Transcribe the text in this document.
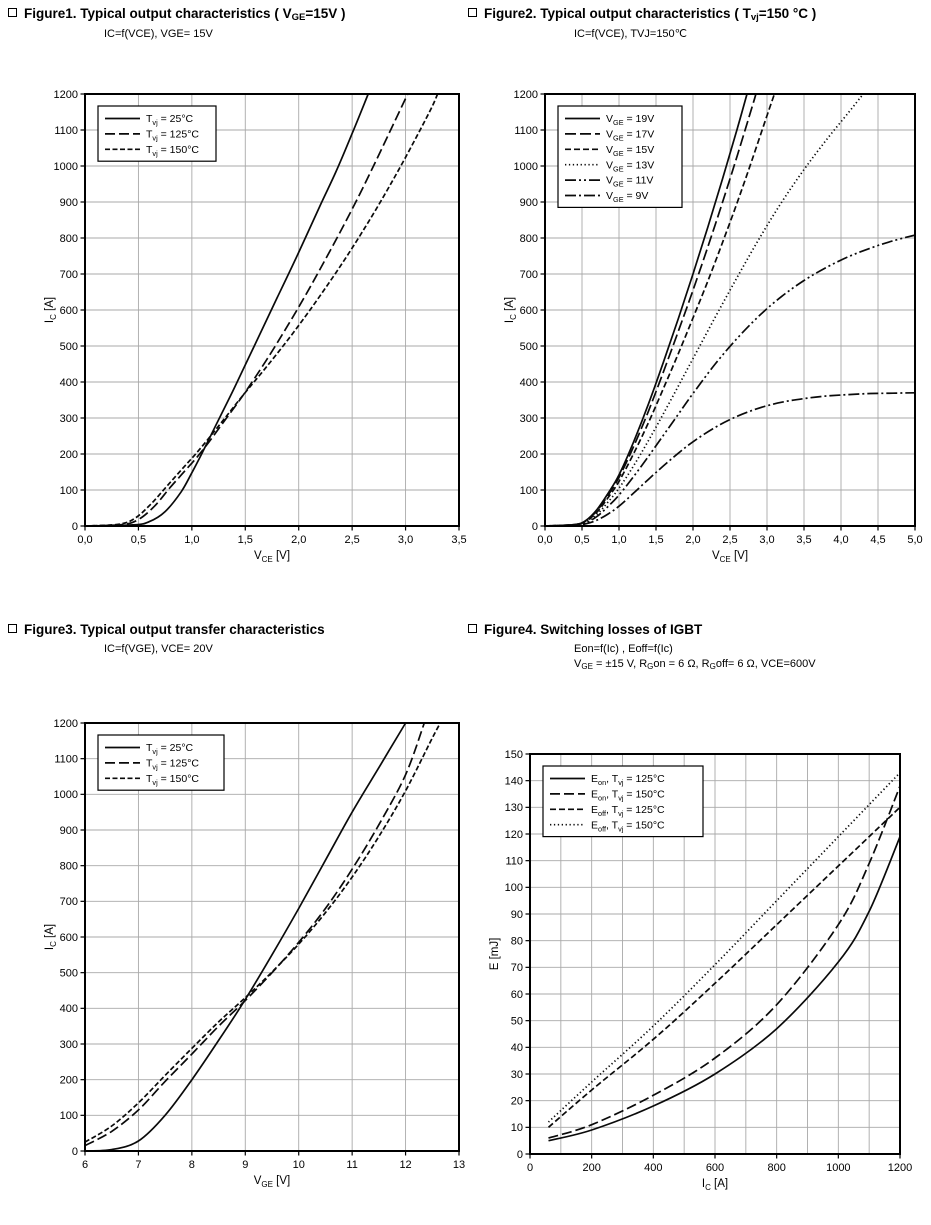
Figure1. Typical output characteristics ( $V_{GE}=15V$ )
IC=f(VCE), VGE= 15V
0,0	0,5	1,0	1,5	2,0	2,5	3,0	3,5
0
100
200
300
400
500
600
700
800
900
1000
1100
1200
$V_{CE}$ [V]
$I_C$ [A]
$T_{vj} = 25^\circ C$
$T_{vj} = 125^\circ C$
$T_{vj} = 150^\circ C$
Figure2. Typical output characteristics ( $T_{vj}=150$ °C )
IC=f(VCE), TVJ=150℃
0,0 0,5 1,0 1,5 2,0 2,5 3,0 3,5 4,0 4,5 5,0
0
100
200
300
400
500
600
700
800
900
1000
1100
1200
$V_{CE}$ [V]
$I_C$ [A]
$V_{GE} = 19V$
$V_{GE} = 17V$
$V_{GE} = 15V$
$V_{GE} = 13V$
$V_{GE} = 11V$
$V_{GE} = 9V$
Figure3. Typical output transfer characteristics
IC=f(VGE), VCE= 20V
6	7	8	9	10	11	12	13
0
100
200
300
400
500
600
700
800
900
1000
1100
1200
$V_{GE}$ [V]
$I_C$ [A]
$T_{vj} = 25^\circ C$
$T_{vj} = 125^\circ C$
$T_{vj} = 150^\circ C$
Figure4. Switching losses of IGBT
Eon=f(Ic) , Eoff=f(Ic)
$V_{GE} = \pm 15$ V, $R_Gon = 6$ Ω, $R_Goff= 6$ Ω, VCE=600V
0	200	400	600	800	1000	1200
0
10
20
30
40
50
60
70
80
90
100
110
120
130
140
150
$I_C$ [A]
E [mJ]
$E_{on}$, $T_{vj} = 125^\circ C$
$E_{on}$, $T_{vj} = 150^\circ C$
$E_{off}$, $T_{vj} = 125^\circ C$
$E_{off}$, $T_{vj} = 150^\circ C$
